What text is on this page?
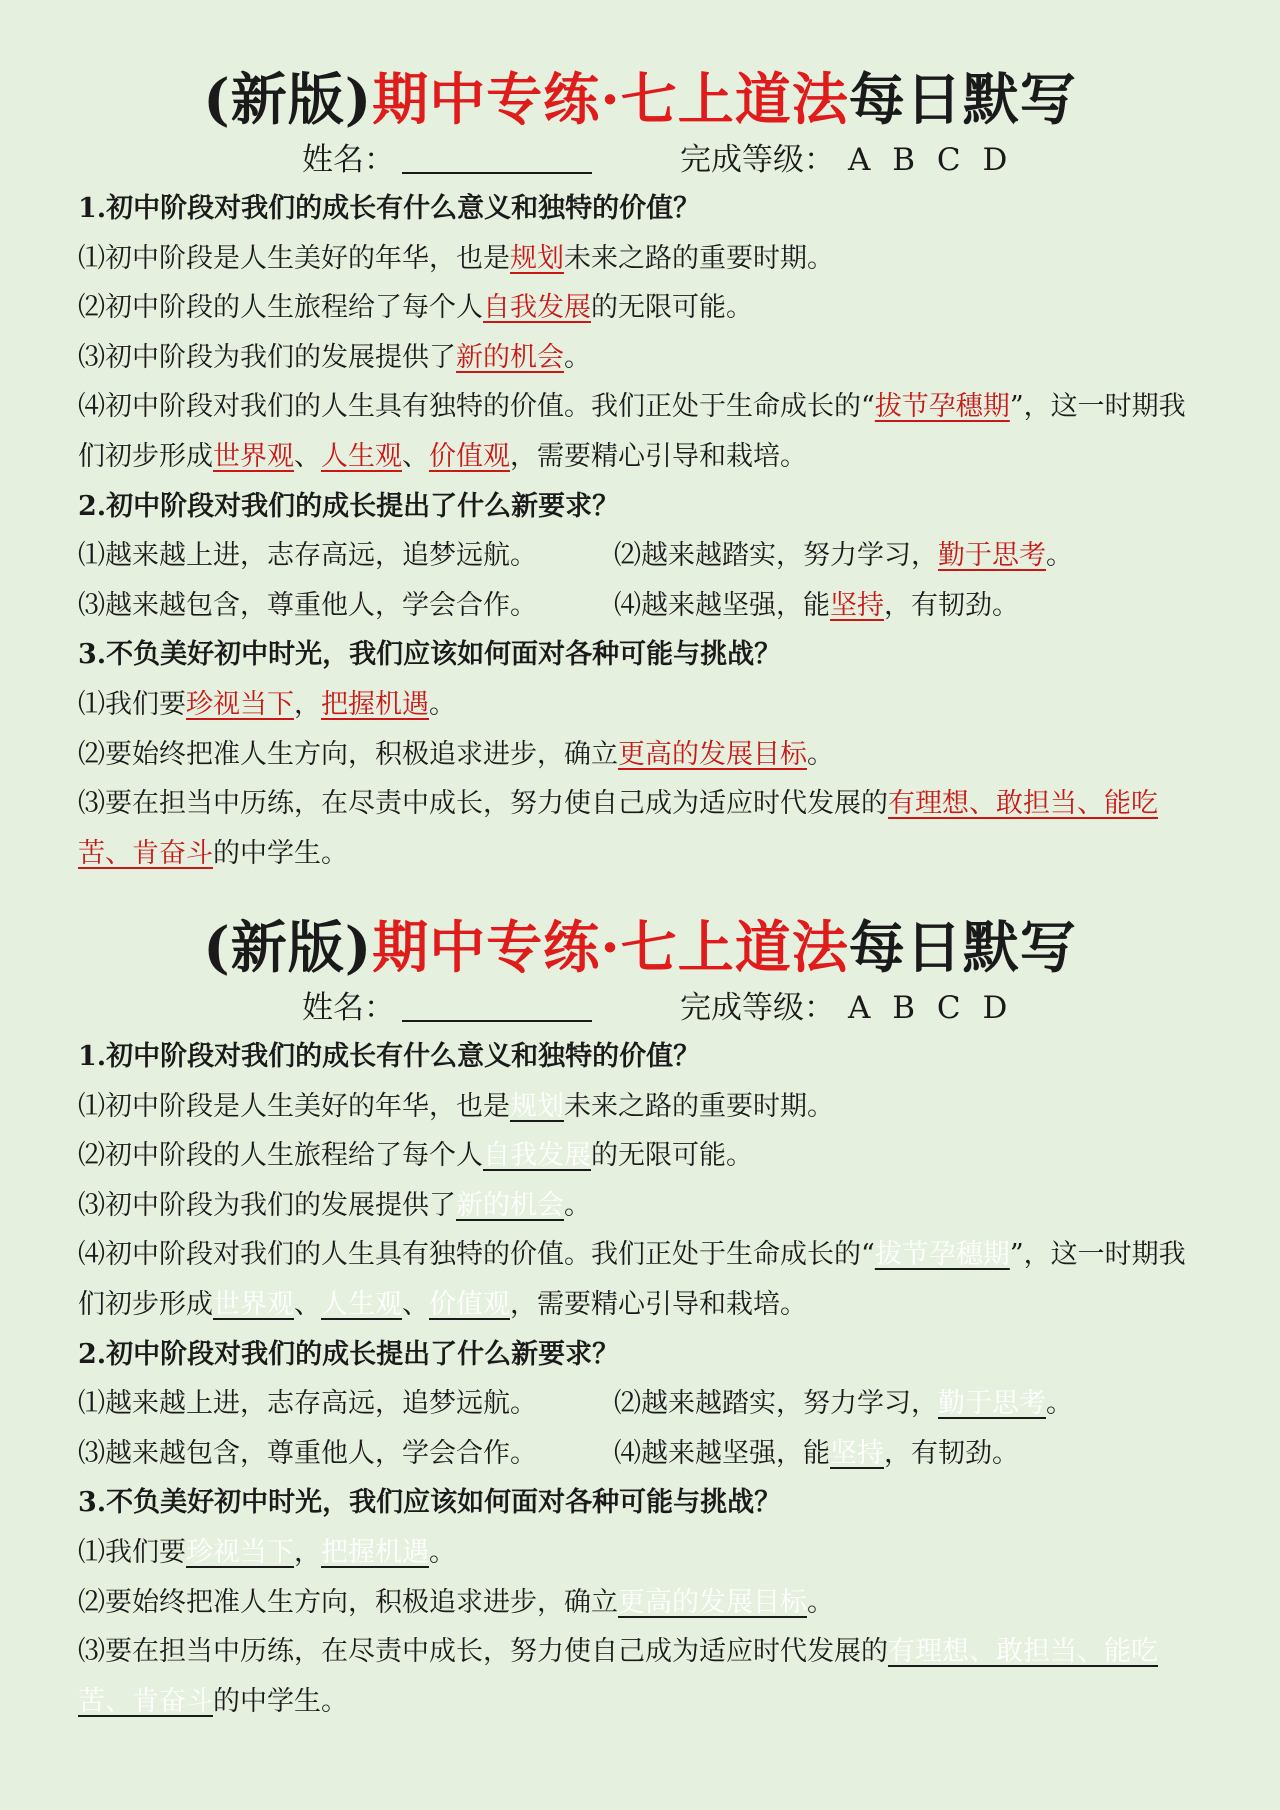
(新版)期中专练·七上道法每日默写
姓名：	完成等级： A B C D
1.初中阶段对我们的成长有什么意义和独特的价值？
⑴初中阶段是人生美好的年华，也是规划未来之路的重要时期。
⑵初中阶段的人生旅程给了每个人自我发展的无限可能。
⑶初中阶段为我们的发展提供了新的机会。
⑷初中阶段对我们的人生具有独特的价值。我们正处于生命成长的“拔节孕穗期”，这一时期我们初步形成世界观、人生观、价值观，需要精心引导和栽培。
2.初中阶段对我们的成长提出了什么新要求？
⑴越来越上进，志存高远，追梦远航。	⑵越来越踏实，努力学习，勤于思考。
⑶越来越包含，尊重他人，学会合作。	⑷越来越坚强，能坚持，有韧劲。
3.不负美好初中时光，我们应该如何面对各种可能与挑战？
⑴我们要珍视当下，把握机遇。
⑵要始终把准人生方向，积极追求进步，确立更高的发展目标。
⑶要在担当中历练，在尽责中成长，努力使自己成为适应时代发展的有理想、敢担当、能吃苦、肯奋斗的中学生。
(新版)期中专练·七上道法每日默写
姓名：	完成等级： A B C D
1.初中阶段对我们的成长有什么意义和独特的价值？
⑴初中阶段是人生美好的年华，也是规划未来之路的重要时期。
⑵初中阶段的人生旅程给了每个人自我发展的无限可能。
⑶初中阶段为我们的发展提供了新的机会。
⑷初中阶段对我们的人生具有独特的价值。我们正处于生命成长的“拔节孕穗期”，这一时期我们初步形成世界观、人生观、价值观，需要精心引导和栽培。
2.初中阶段对我们的成长提出了什么新要求？
⑴越来越上进，志存高远，追梦远航。	⑵越来越踏实，努力学习，勤于思考。
⑶越来越包含，尊重他人，学会合作。	⑷越来越坚强，能坚持，有韧劲。
3.不负美好初中时光，我们应该如何面对各种可能与挑战？
⑴我们要珍视当下，把握机遇。
⑵要始终把准人生方向，积极追求进步，确立更高的发展目标。
⑶要在担当中历练，在尽责中成长，努力使自己成为适应时代发展的有理想、敢担当、能吃苦、肯奋斗的中学生。
